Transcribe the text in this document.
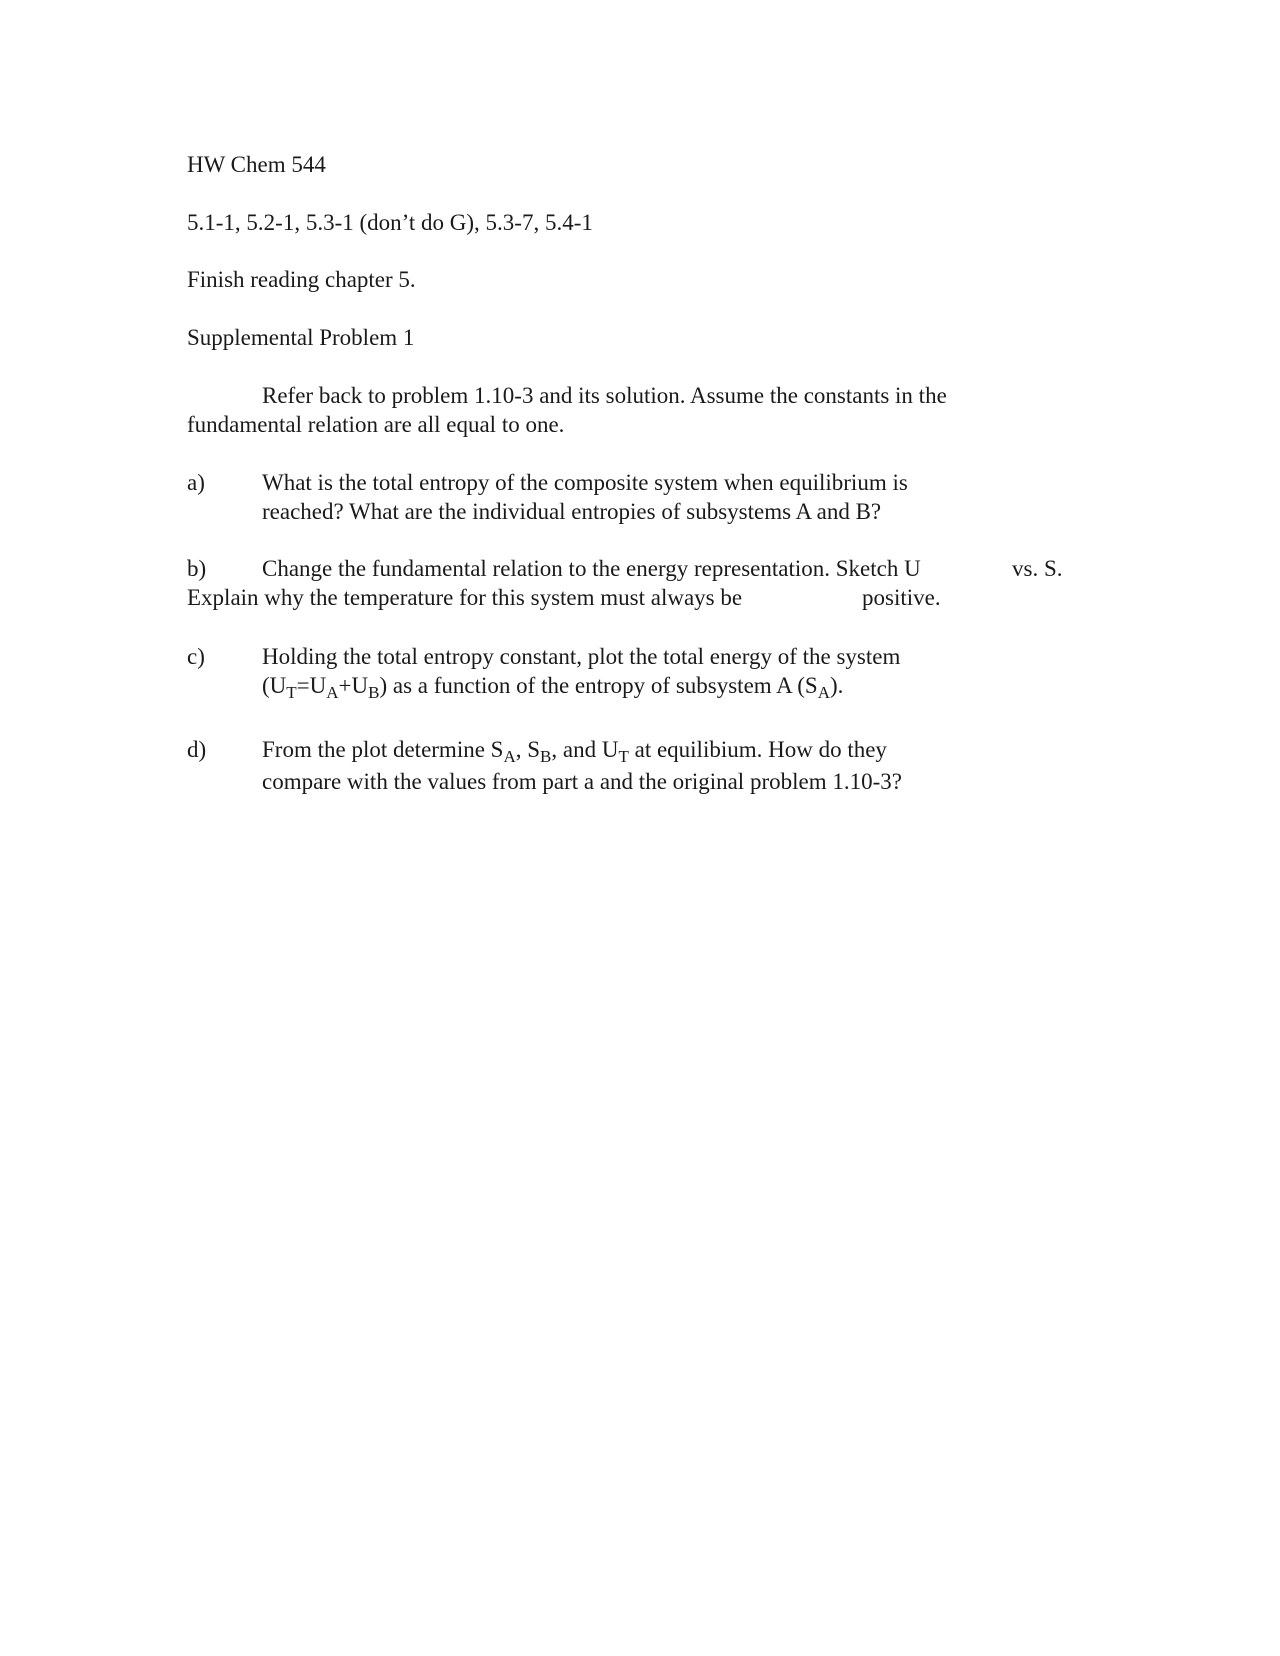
HW Chem 544
5.1-1, 5.2-1, 5.3-1 (don’t do G), 5.3-7, 5.4-1
Finish reading chapter 5.
Supplemental Problem 1
Refer back to problem 1.10-3 and its solution. Assume the constants in the
fundamental relation are all equal to one.
a) What is the total entropy of the composite system when equilibrium is
reached? What are the individual entropies of subsystems A and B?
b) Change the fundamental relation to the energy representation. Sketch U	vs. S.
Explain why the temperature for this system must always be	positive.
c) Holding the total entropy constant, plot the total energy of the system
$(U_T=U_A+U_B)$ as a function of the entropy of subsystem A $(S_A)$.
d) From the plot determine $S_A$, $S_B$, and $U_T$ at equilibium. How do they
compare with the values from part a and the original problem 1.10-3?
